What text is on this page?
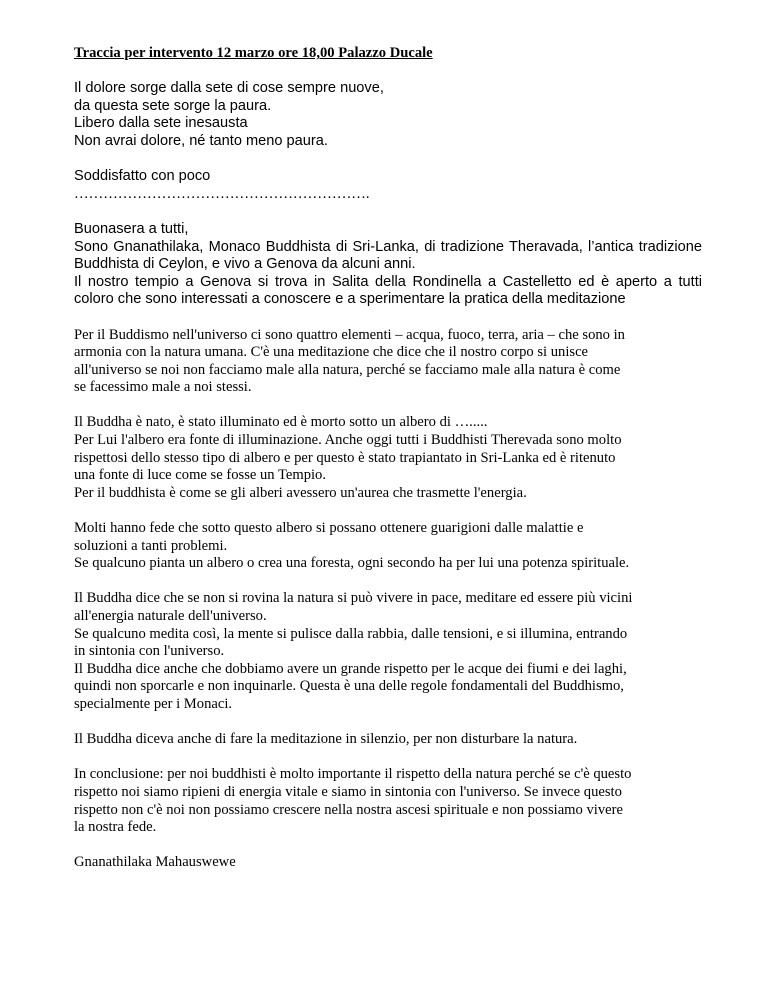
Traccia per intervento 12 marzo ore 18,00 Palazzo Ducale

Il dolore sorge dalla sete di cose sempre nuove,
da questa sete sorge la paura.
Libero dalla sete inesausta
Non avrai dolore, né tanto meno paura.
Soddisfatto con poco
…………………………………………………….
Buonasera a tutti,

Sono Gnanathilaka, Monaco Buddhista di Sri-Lanka, di tradizione Theravada, l’antica tradizione Buddhista di Ceylon, e vivo a Genova da alcuni anni.

Il nostro tempio a Genova si trova in Salita della Rondinella a Castelletto ed è aperto a tutti coloro che sono interessati a conoscere e a sperimentare la pratica della meditazione

Per il Buddismo nell'universo ci sono quattro elementi – acqua, fuoco, terra, aria – che sono in
armonia con la natura umana. C'è una meditazione che dice che il nostro corpo si unisce
all'universo se noi non facciamo male alla natura, perché se facciamo male alla natura è come
se facessimo male a noi stessi.
Il Buddha è nato, è stato illuminato ed è morto sotto un albero di ….....
Per Lui l'albero era fonte di illuminazione. Anche oggi tutti i Buddhisti Therevada sono molto
rispettosi dello stesso tipo di albero e per questo è stato trapiantato in Sri-Lanka ed è ritenuto
una fonte di luce come se fosse un Tempio.
Per il buddhista è come se gli alberi avessero un'aurea che trasmette l'energia.
Molti hanno fede che sotto questo albero si possano ottenere guarigioni dalle malattie e
soluzioni a tanti problemi.
Se qualcuno pianta un albero o crea una foresta, ogni secondo ha per lui una potenza spirituale.
Il Buddha dice che se non si rovina la natura si può vivere in pace, meditare ed essere più vicini
all'energia naturale dell'universo.
Se qualcuno medita così, la mente si pulisce dalla rabbia, dalle tensioni, e si illumina, entrando
in sintonia con l'universo.
Il Buddha dice anche che dobbiamo avere un grande rispetto per le acque dei fiumi e dei laghi,
quindi non sporcarle e non inquinarle. Questa è una delle regole fondamentali del Buddhismo,
specialmente per i Monaci.
Il Buddha diceva anche di fare la meditazione in silenzio, per non disturbare la natura.
In conclusione: per noi buddhisti è molto importante il rispetto della natura perché se c'è questo
rispetto noi siamo ripieni di energia vitale e siamo in sintonia con l'universo. Se invece questo
rispetto non c'è noi non possiamo crescere nella nostra ascesi spirituale e non possiamo vivere
la nostra fede.

Gnanathilaka Mahauswewe
